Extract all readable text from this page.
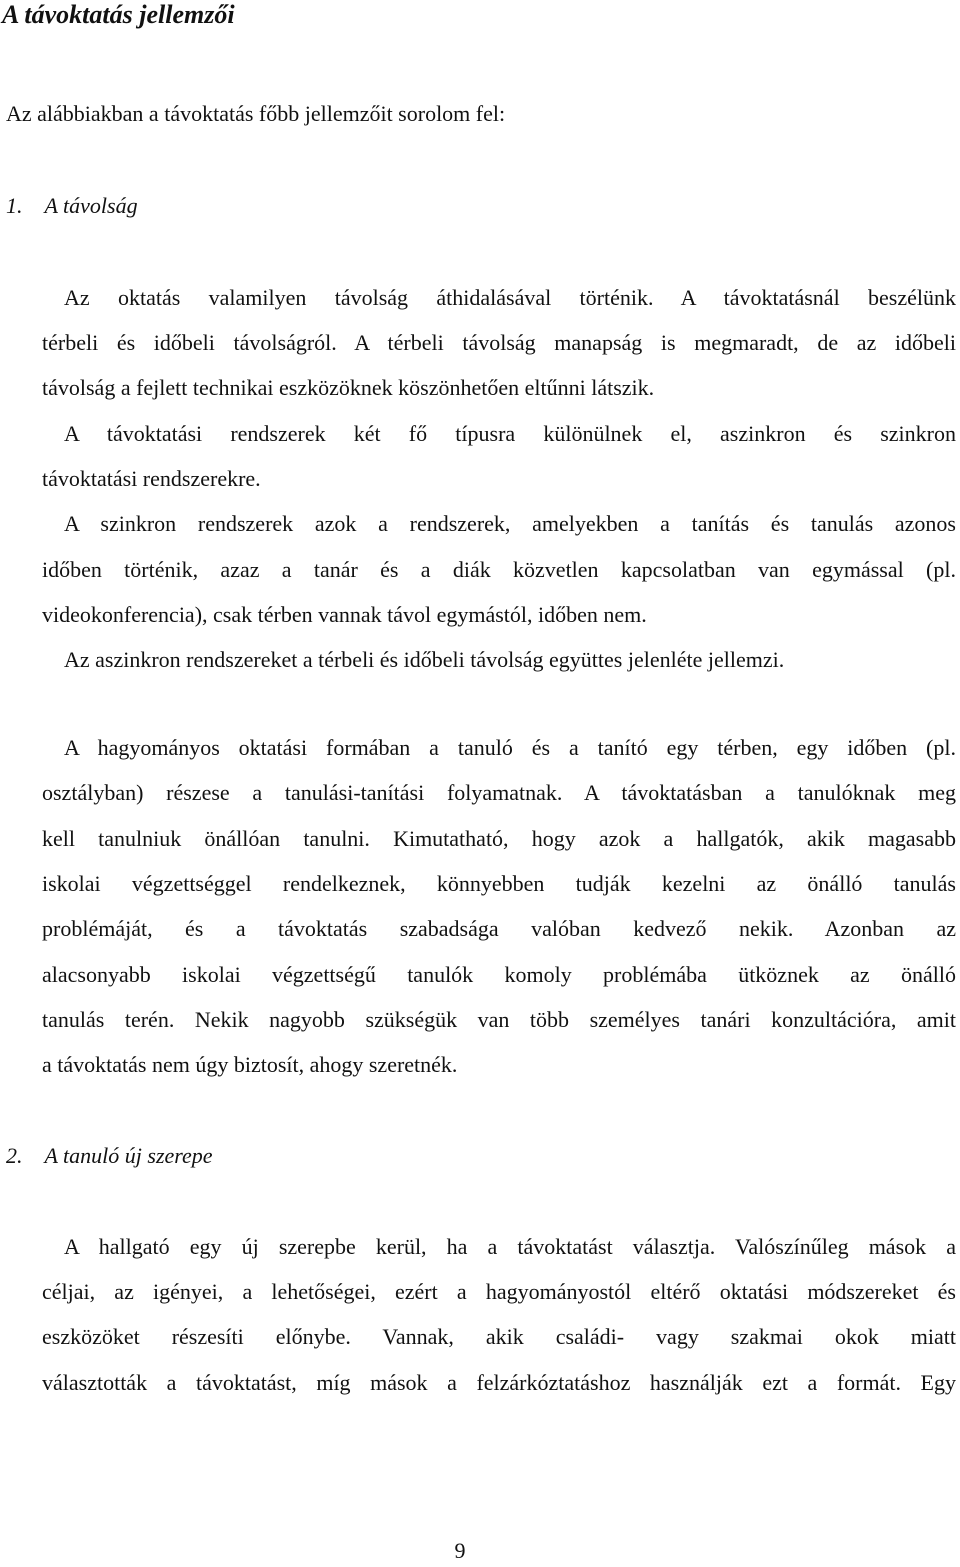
A távoktatás jellemzői

Az alábbiakban a távoktatás főbb jellemzőit sorolom fel:

1. A távolság

Az oktatás valamilyen távolság áthidalásával történik. A távoktatásnál beszélünk

térbeli és időbeli távolságról. A térbeli távolság manapság is megmaradt, de az időbeli

távolság a fejlett technikai eszközöknek köszönhetően eltűnni látszik.

A távoktatási rendszerek két fő típusra különülnek el, aszinkron és szinkron

távoktatási rendszerekre.

A szinkron rendszerek azok a rendszerek, amelyekben a tanítás és tanulás azonos

időben történik, azaz a tanár és a diák közvetlen kapcsolatban van egymással (pl.

videokonferencia), csak térben vannak távol egymástól, időben nem.

Az aszinkron rendszereket a térbeli és időbeli távolság együttes jelenléte jellemzi.

A hagyományos oktatási formában a tanuló és a tanító egy térben, egy időben (pl.

osztályban) részese a tanulási-tanítási folyamatnak. A távoktatásban a tanulóknak meg

kell tanulniuk önállóan tanulni. Kimutatható, hogy azok a hallgatók, akik magasabb

iskolai végzettséggel rendelkeznek, könnyebben tudják kezelni az önálló tanulás

problémáját, és a távoktatás szabadsága valóban kedvező nekik. Azonban az

alacsonyabb iskolai végzettségű tanulók komoly problémába ütköznek az önálló

tanulás terén. Nekik nagyobb szükségük van több személyes tanári konzultációra, amit

a távoktatás nem úgy biztosít, ahogy szeretnék.

2. A tanuló új szerepe

A hallgató egy új szerepbe kerül, ha a távoktatást választja. Valószínűleg mások a

céljai, az igényei, a lehetőségei, ezért a hagyományostól eltérő oktatási módszereket és

eszközöket részesíti előnybe. Vannak, akik családi- vagy szakmai okok miatt

választották a távoktatást, míg mások a felzárkóztatáshoz használják ezt a formát. Egy

9
